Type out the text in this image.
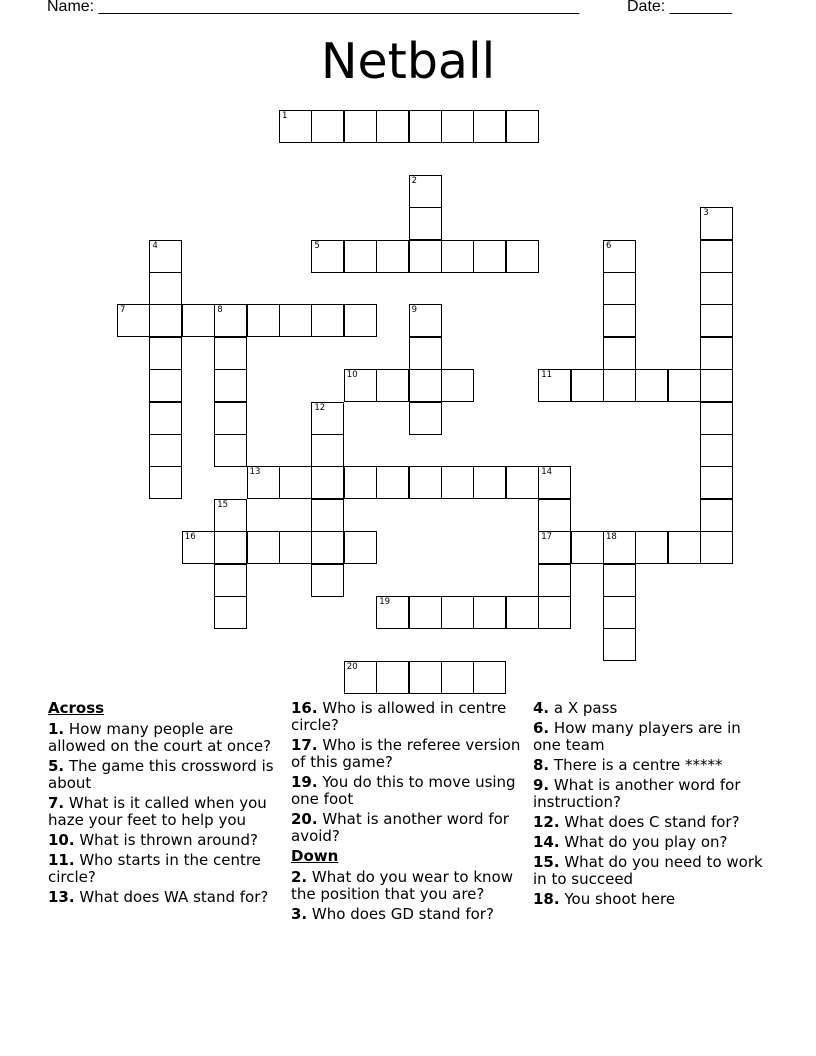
Name: ______________________________________________________	Date: _______
Netball
1
2
3
4	5	6
7	8	9
10	11
12
13	14
17
15
16	18
19
20
Across
1. How many people are allowed on the court at once?
5. The game this crossword is about
7. What is it called when you haze your feet to help you
10. What is thrown around?
11. Who starts in the centre circle?
13. What does WA stand for?
16. Who is allowed in centre circle?
17. Who is the referee version of this game?
19. You do this to move using one foot
20. What is another word for avoid?
Down
2. What do you wear to know the position that you are?
3. Who does GD stand for?
4. a X pass
6. How many players are in one team
8. There is a centre *****
9. What is another word for instruction?
12. What does C stand for?
14. What do you play on?
15. What do you need to work in to succeed
18. You shoot here
